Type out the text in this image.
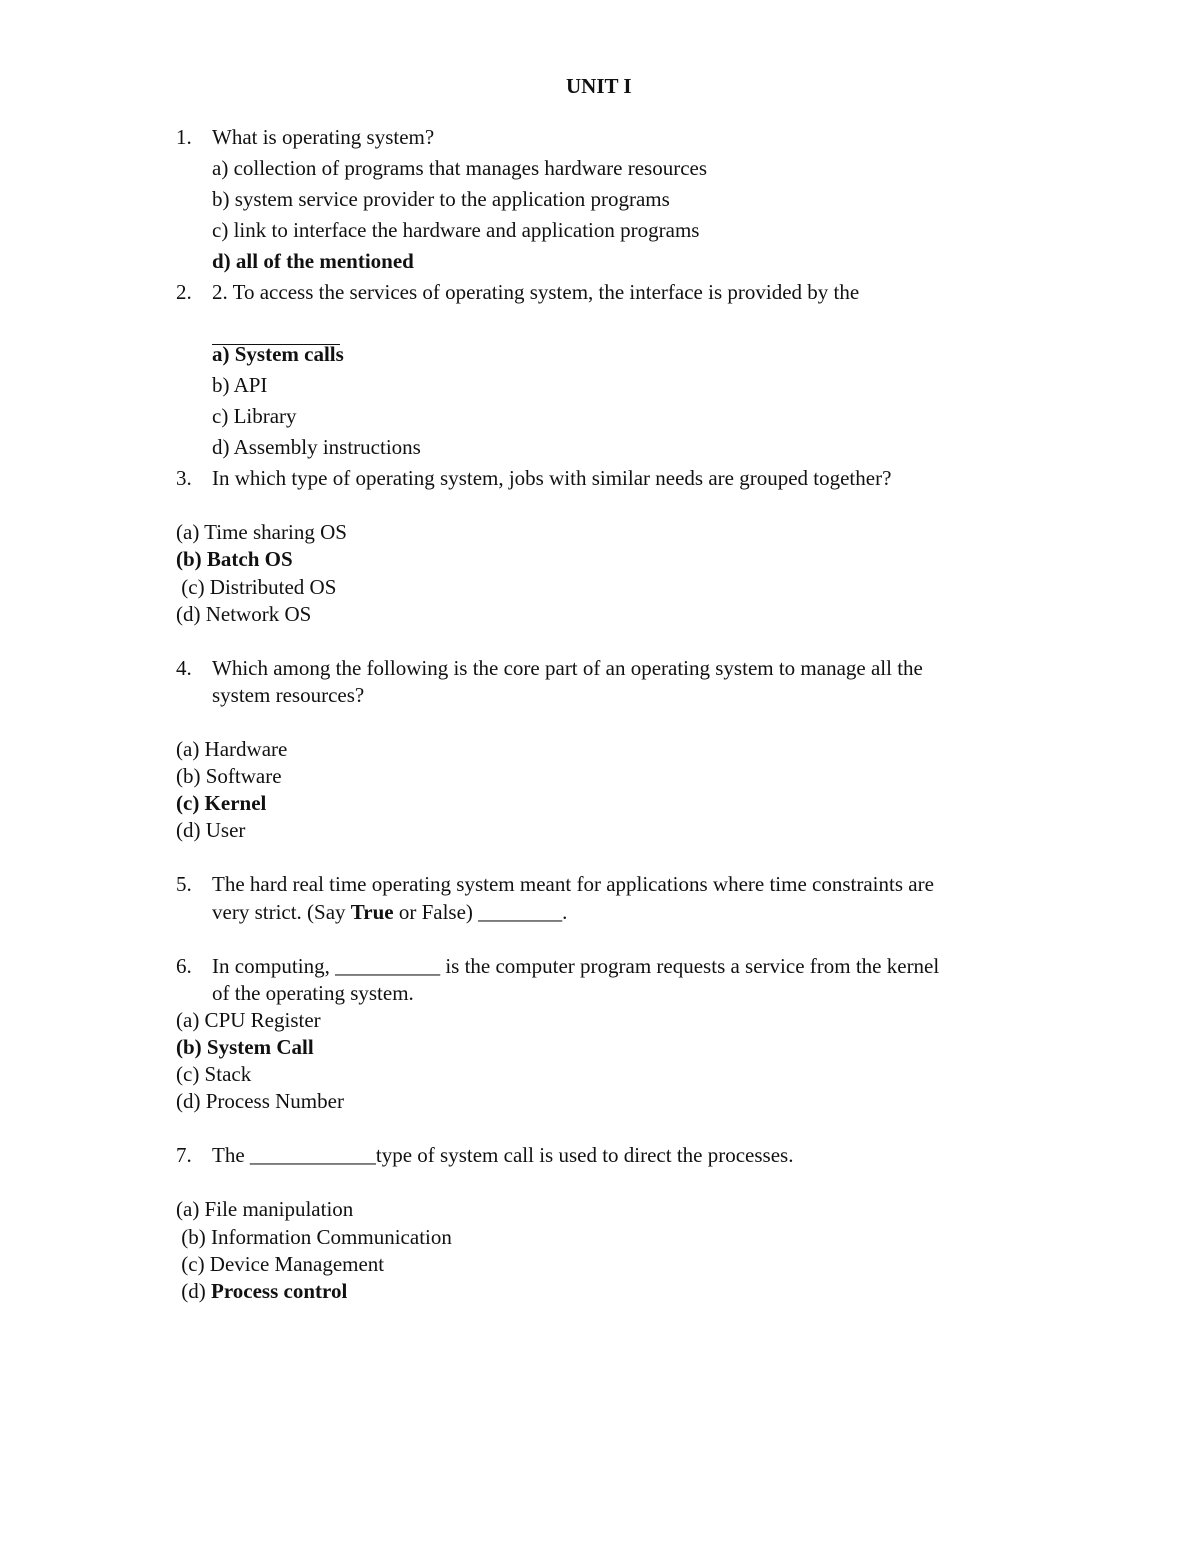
UNIT I
1. What is operating system?
a) collection of programs that manages hardware resources
b) system service provider to the application programs
c) link to interface the hardware and application programs
d) all of the mentioned
2. 2. To access the services of operating system, the interface is provided by the
a) System calls
b) API
c) Library
d) Assembly instructions
3. In which type of operating system, jobs with similar needs are grouped together?
(a) Time sharing OS
(b) Batch OS
(c) Distributed OS
(d) Network OS
4. Which among the following is the core part of an operating system to manage all the
system resources?
(a) Hardware
(b) Software
(c) Kernel
(d) User
5. The hard real time operating system meant for applications where time constraints are
very strict. (Say True or False) ________.
6. In computing, __________ is the computer program requests a service from the kernel
of the operating system.
(a) CPU Register
(b) System Call
(c) Stack
(d) Process Number
7. The ____________type of system call is used to direct the processes.
(a) File manipulation
(b) Information Communication
(c) Device Management
(d) Process control
